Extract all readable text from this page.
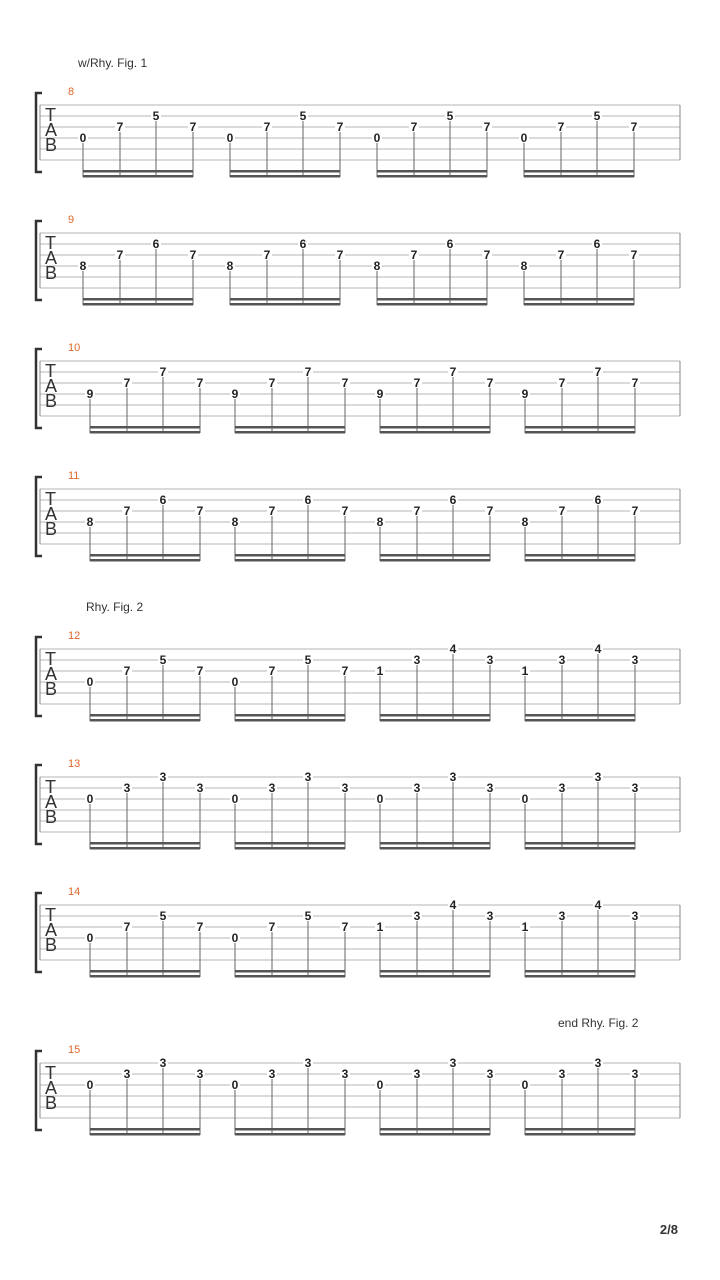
w/Rhy. Fig. 1
Rhy. Fig. 2
end Rhy. Fig. 2
2/8
8
T
A
B 0
7
5
7
0
7
5
7
0
7
5
7
0
7
5
7
9
T
A
B 8
7
6
7
8
7
6
7
8
7
6
7
8
7
6
7
10
T
A
B 9
7
7
7
9
7
7
7
9
7
7
7
9
7
7
7
11
T
A
B 8
7
6
7
8
7
6
7
8
7
6
7
8
7
6
7
12
T
A
B 0
7
5
7
0
7
5
7 1
3
4
3
1
3
4
3
13
T
A
B
0
3
3
3
0
3
3
3
0
3
3
3
0
3
3
3
14
T
A
B 0
7
5
7
0
7
5
7 1
3
4
3
1
3
4
3
15
T
A
B
0
3
3
3
0
3
3
3
0
3
3
3
0
3
3
3
